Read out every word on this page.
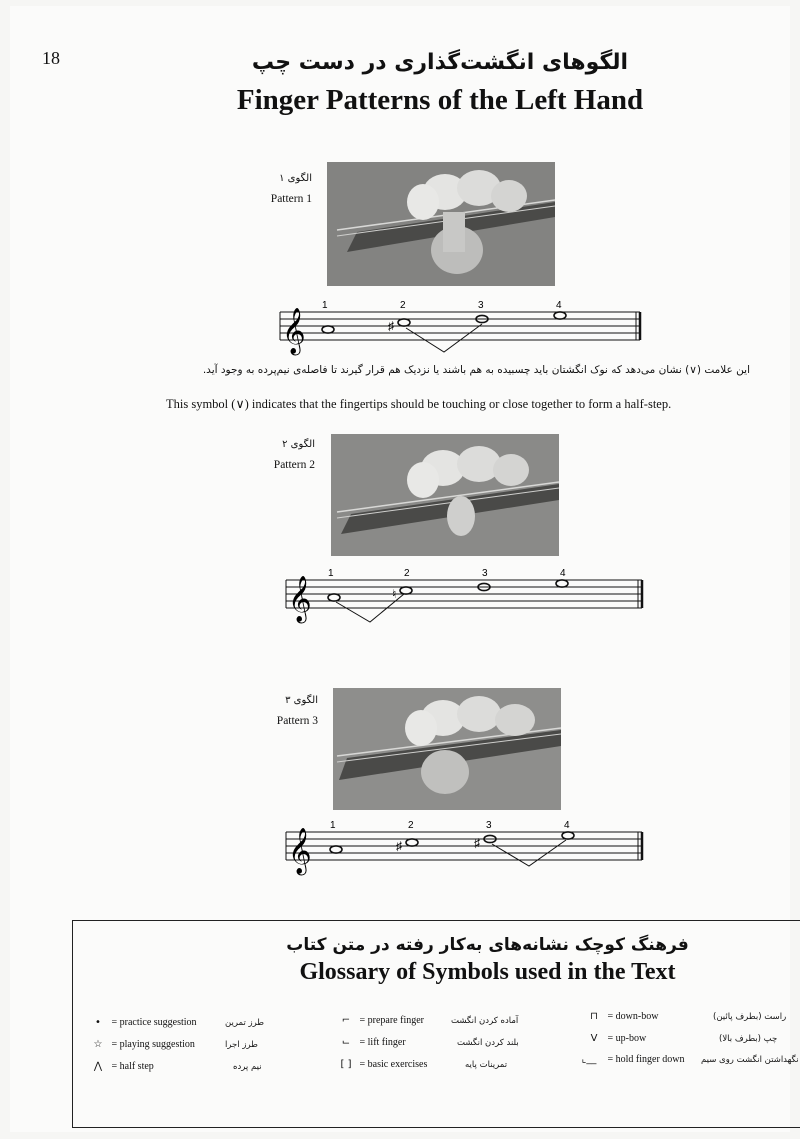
18	الگوهای انگشت‌گذاری در دست چپ
Finger Patterns of the Left Hand
الگوی ۱
Pattern 1
𝄞
1	2	3	4
♯
این علامت (∨) نشان می‌دهد که نوک انگشتان باید چسبیده به هم باشند یا نزدیک هم قرار گیرند تا فاصله‌ی نیم‌پرده به وجود آید.
This symbol (∨) indicates that the fingertips should be touching or close together to form a half-step.
الگوی ۲
Pattern 2
𝄞
1	2	3	4
♮
الگوی ۳
Pattern 3
𝄞
1	2	3	4
♯	♯
فرهنگ کوچک نشانه‌های به‌کار رفته در متن کتاب
Glossary of Symbols used in the Text
• = practice suggestion	طرز تمرین
☆ = playing suggestion	طرز اجرا
⋀ = half step	نیم پرده
⌐ = prepare finger	آماده کردن انگشت
⌙ = lift finger	بلند کردن انگشت
[ ] = basic exercises	تمرینات پایه
⊓ = down-bow	راست (بطرف پائین)
V = up-bow	چپ (بطرف بالا)
⌞__ = hold finger down نگهداشتن انگشت روی سیم
